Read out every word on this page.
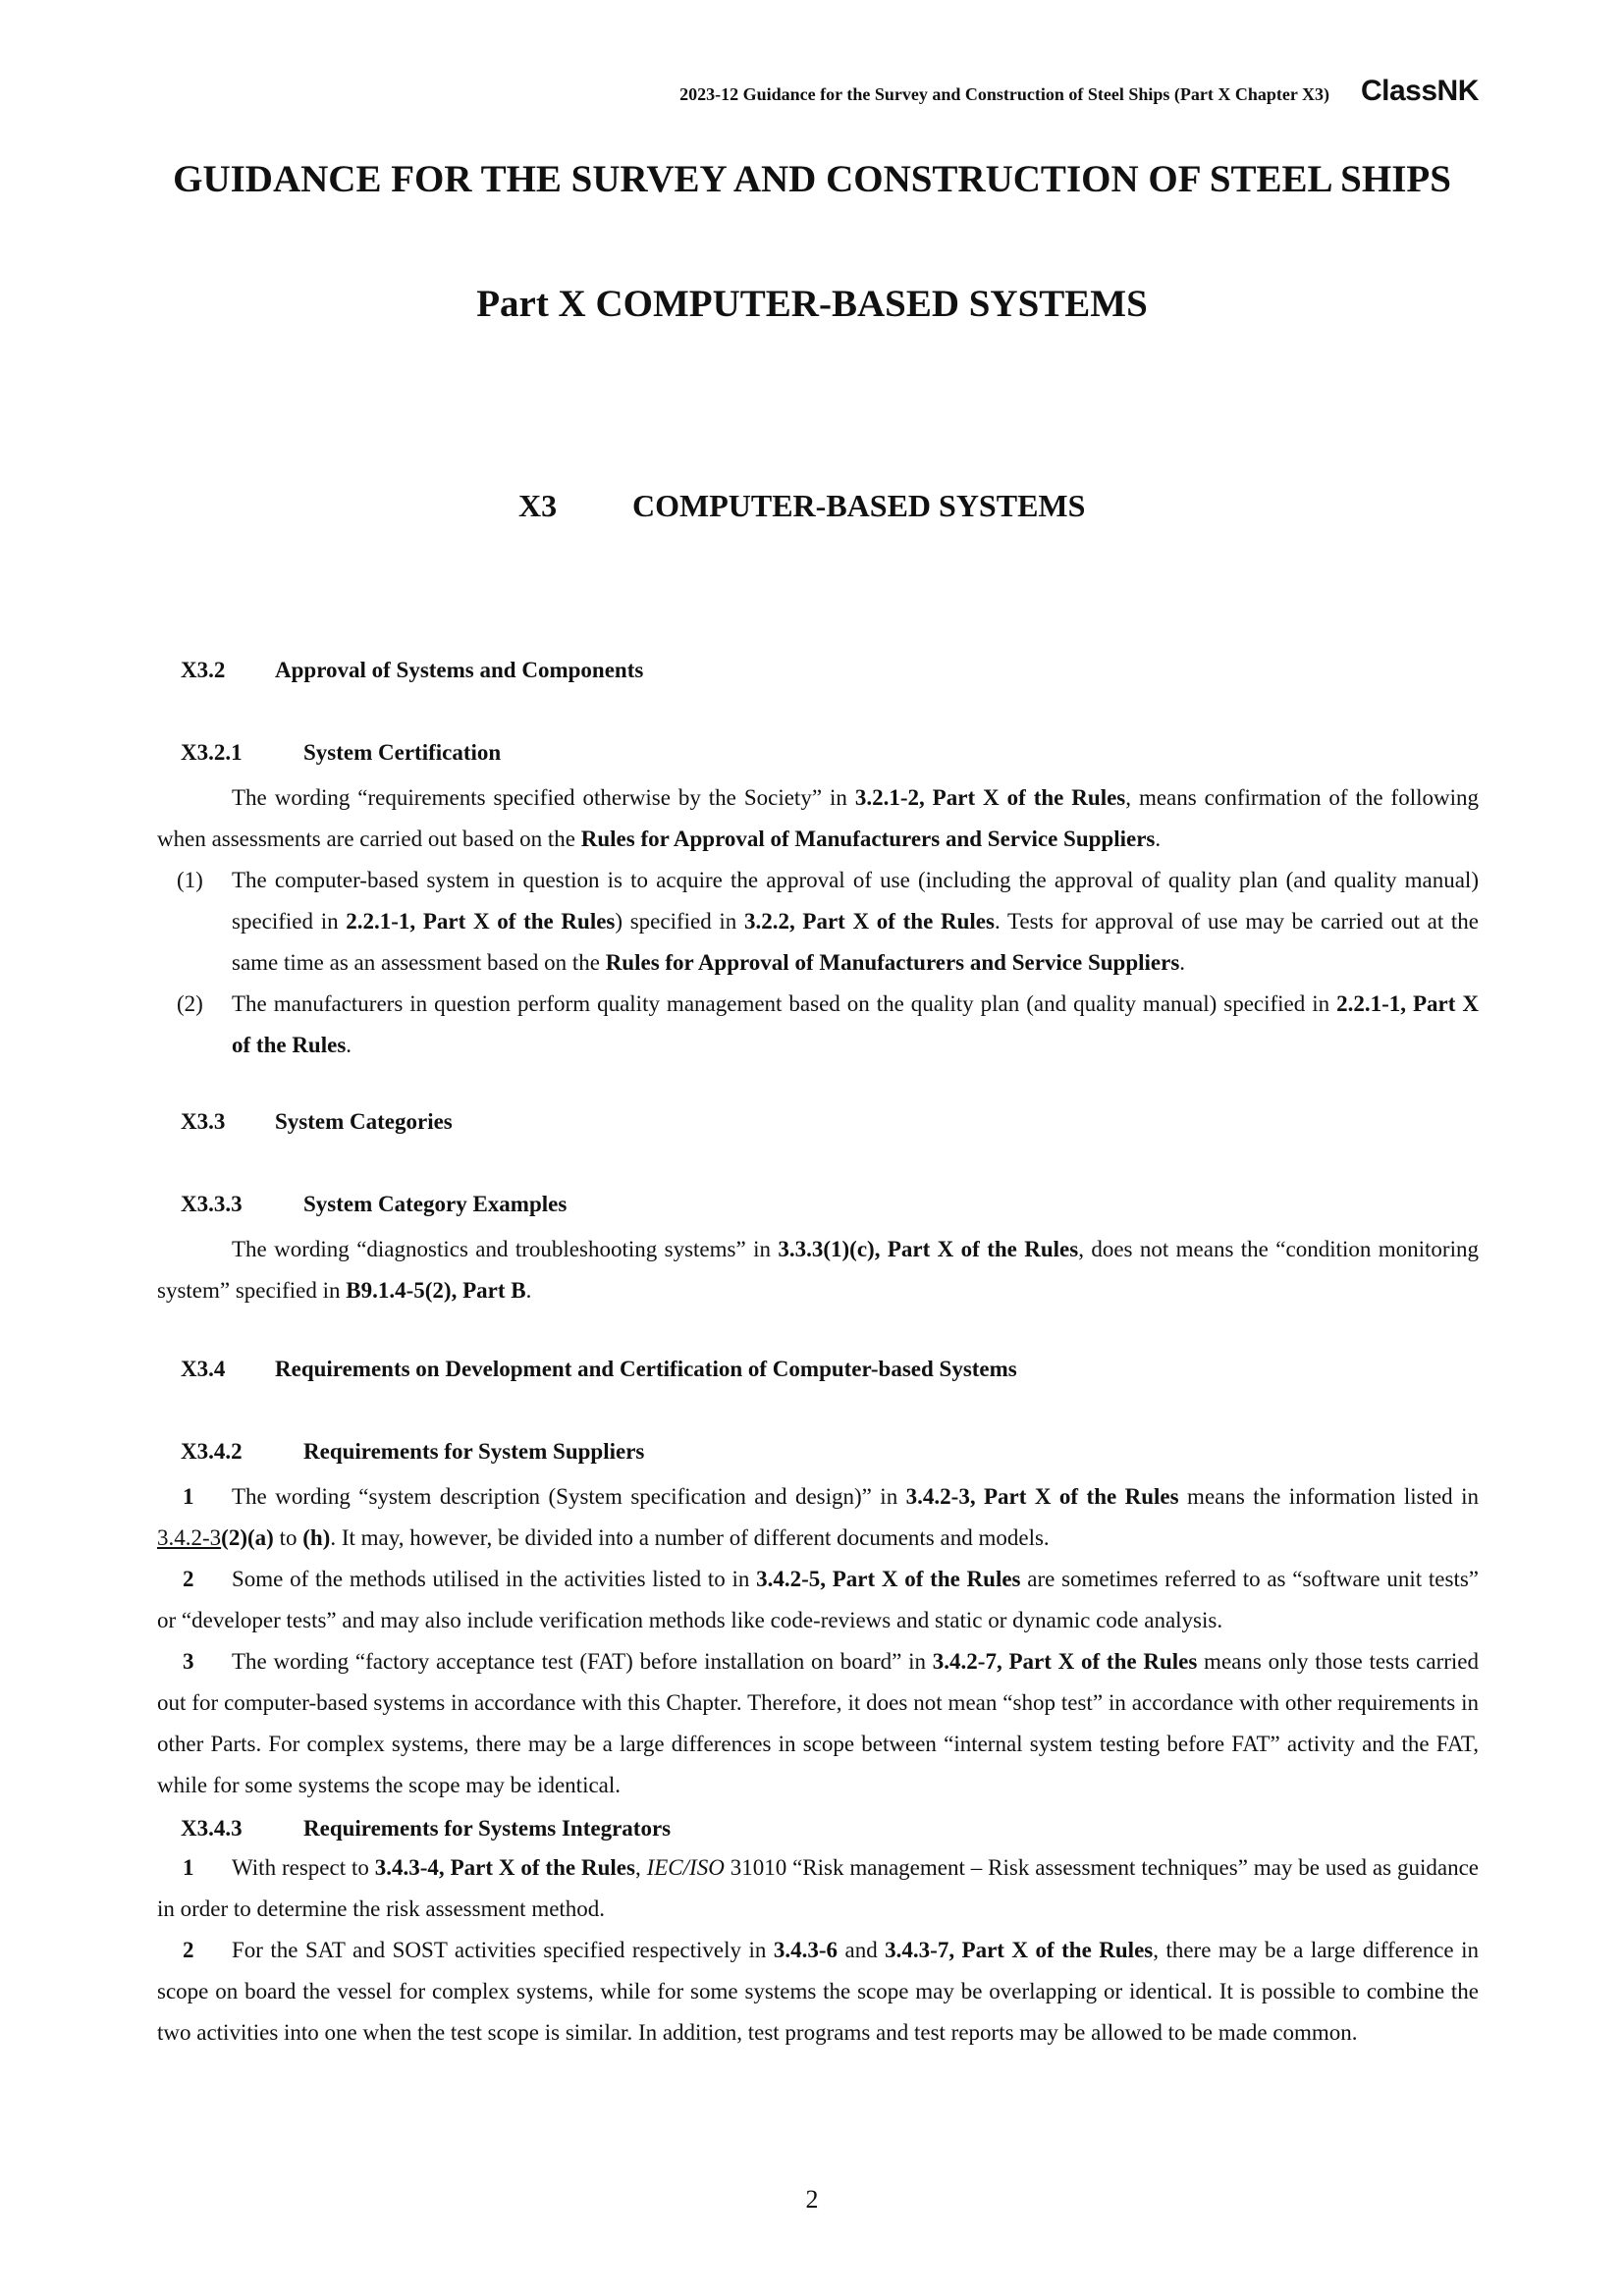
2023-12 Guidance for the Survey and Construction of Steel Ships (Part X Chapter X3) ClassNK
GUIDANCE FOR THE SURVEY AND CONSTRUCTION OF STEEL SHIPS
Part X COMPUTER-BASED SYSTEMS
X3 COMPUTER-BASED SYSTEMS
X3.2 Approval of Systems and Components
X3.2.1	System Certification
The wording “requirements specified otherwise by the Society” in 3.2.1-2, Part X of the Rules, means confirmation of the following when assessments are carried out based on the Rules for Approval of Manufacturers and Service Suppliers.
(1) The computer-based system in question is to acquire the approval of use (including the approval of quality plan (and quality manual) specified in 2.2.1-1, Part X of the Rules) specified in 3.2.2, Part X of the Rules. Tests for approval of use may be carried out at the same time as an assessment based on the Rules for Approval of Manufacturers and Service Suppliers.
(2) The manufacturers in question perform quality management based on the quality plan (and quality manual) specified in 2.2.1-1, Part X of the Rules.
X3.3 System Categories
X3.3.3	System Category Examples
The wording “diagnostics and troubleshooting systems” in 3.3.3(1)(c), Part X of the Rules, does not means the “condition monitoring system” specified in B9.1.4-5(2), Part B.
X3.4 Requirements on Development and Certification of Computer-based Systems
X3.4.2	Requirements for System Suppliers
1 The wording “system description (System specification and design)” in 3.4.2-3, Part X of the Rules means the information listed in 3.4.2-3(2)(a) to (h). It may, however, be divided into a number of different documents and models.
2 Some of the methods utilised in the activities listed to in 3.4.2-5, Part X of the Rules are sometimes referred to as “software unit tests” or “developer tests” and may also include verification methods like code-reviews and static or dynamic code analysis.
3 The wording “factory acceptance test (FAT) before installation on board” in 3.4.2-7, Part X of the Rules means only those tests carried out for computer-based systems in accordance with this Chapter. Therefore, it does not mean “shop test” in accordance with other requirements in other Parts. For complex systems, there may be a large differences in scope between “internal system testing before FAT” activity and the FAT, while for some systems the scope may be identical.
X3.4.3	Requirements for Systems Integrators
1 With respect to 3.4.3-4, Part X of the Rules, IEC/ISO 31010 “Risk management – Risk assessment techniques” may be used as guidance in order to determine the risk assessment method.
2 For the SAT and SOST activities specified respectively in 3.4.3-6 and 3.4.3-7, Part X of the Rules, there may be a large difference in scope on board the vessel for complex systems, while for some systems the scope may be overlapping or identical. It is possible to combine the two activities into one when the test scope is similar. In addition, test programs and test reports may be allowed to be made common.
2
